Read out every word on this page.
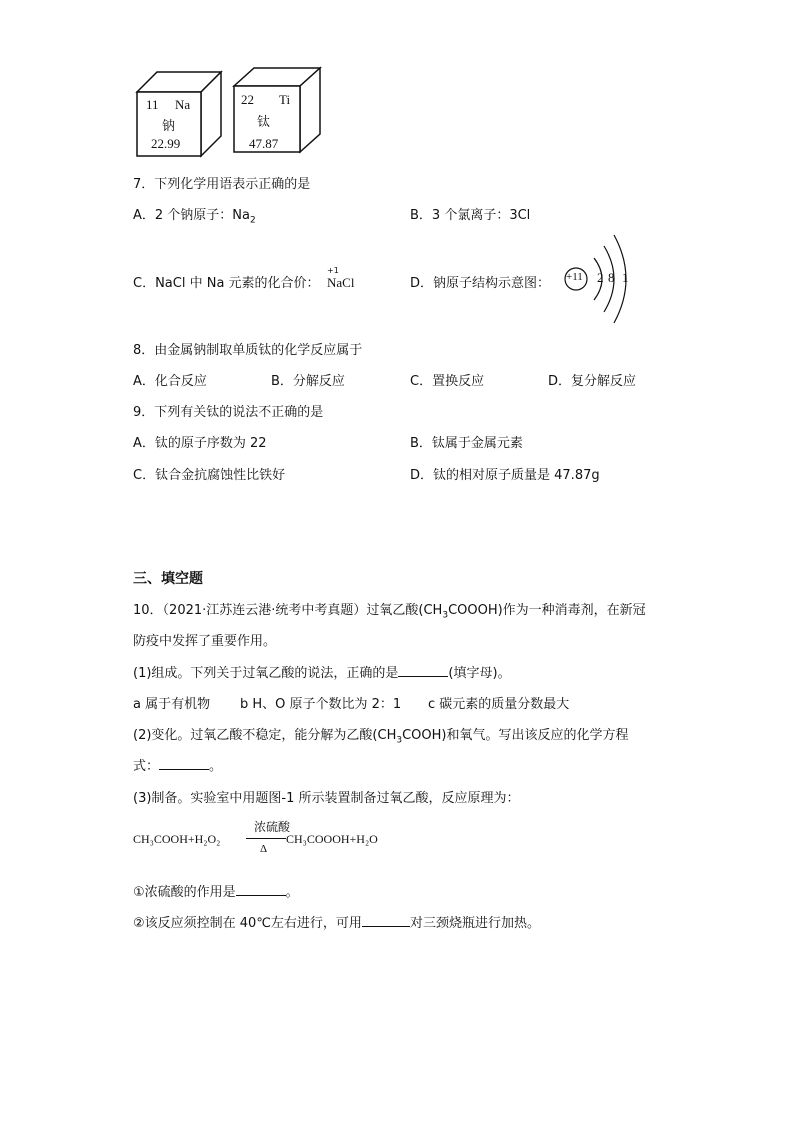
11 Na
钠
22.99
22 Ti
钛
47.87
7．下列化学用语表示正确的是
A．2 个钠原子：$Na_2$	B．3 个氯离子：3Cl
C．NaCl 中 Na 元素的化合价：
+1
NaCl	D．钠原子结构示意图： +11 2 8 1
8．由金属钠制取单质钛的化学反应属于
A．化合反应	B．分解反应	C．置换反应	D．复分解反应
9．下列有关钛的说法不正确的是
A．钛的原子序数为 22	B．钛属于金属元素
C．钛合金抗腐蚀性比铁好	D．钛的相对原子质量是 47.87g
三、填空题
10．（2021·江苏连云港·统考中考真题）过氧乙酸$(CH_3COOOH)$作为一种消毒剂，在新冠
防疫中发挥了重要作用。
(1)组成。下列关于过氧乙酸的说法，正确的是	(填字母)。
a 属于有机物 b H、O 原子个数比为 2：1 c 碳元素的质量分数最大
(2)变化。过氧乙酸不稳定，能分解为乙酸$(CH_3COOH)$和氧气。写出该反应的化学方程
式：	。
(3)制备。实验室中用题图-1 所示装置制备过氧乙酸，反应原理为：
CH₃COOH+H₂O₂
浓硫酸
Δ
CH₃COOOH+H₂O
①浓硫酸的作用是	。
②该反应须控制在 40℃左右进行，可用	对三颈烧瓶进行加热。
